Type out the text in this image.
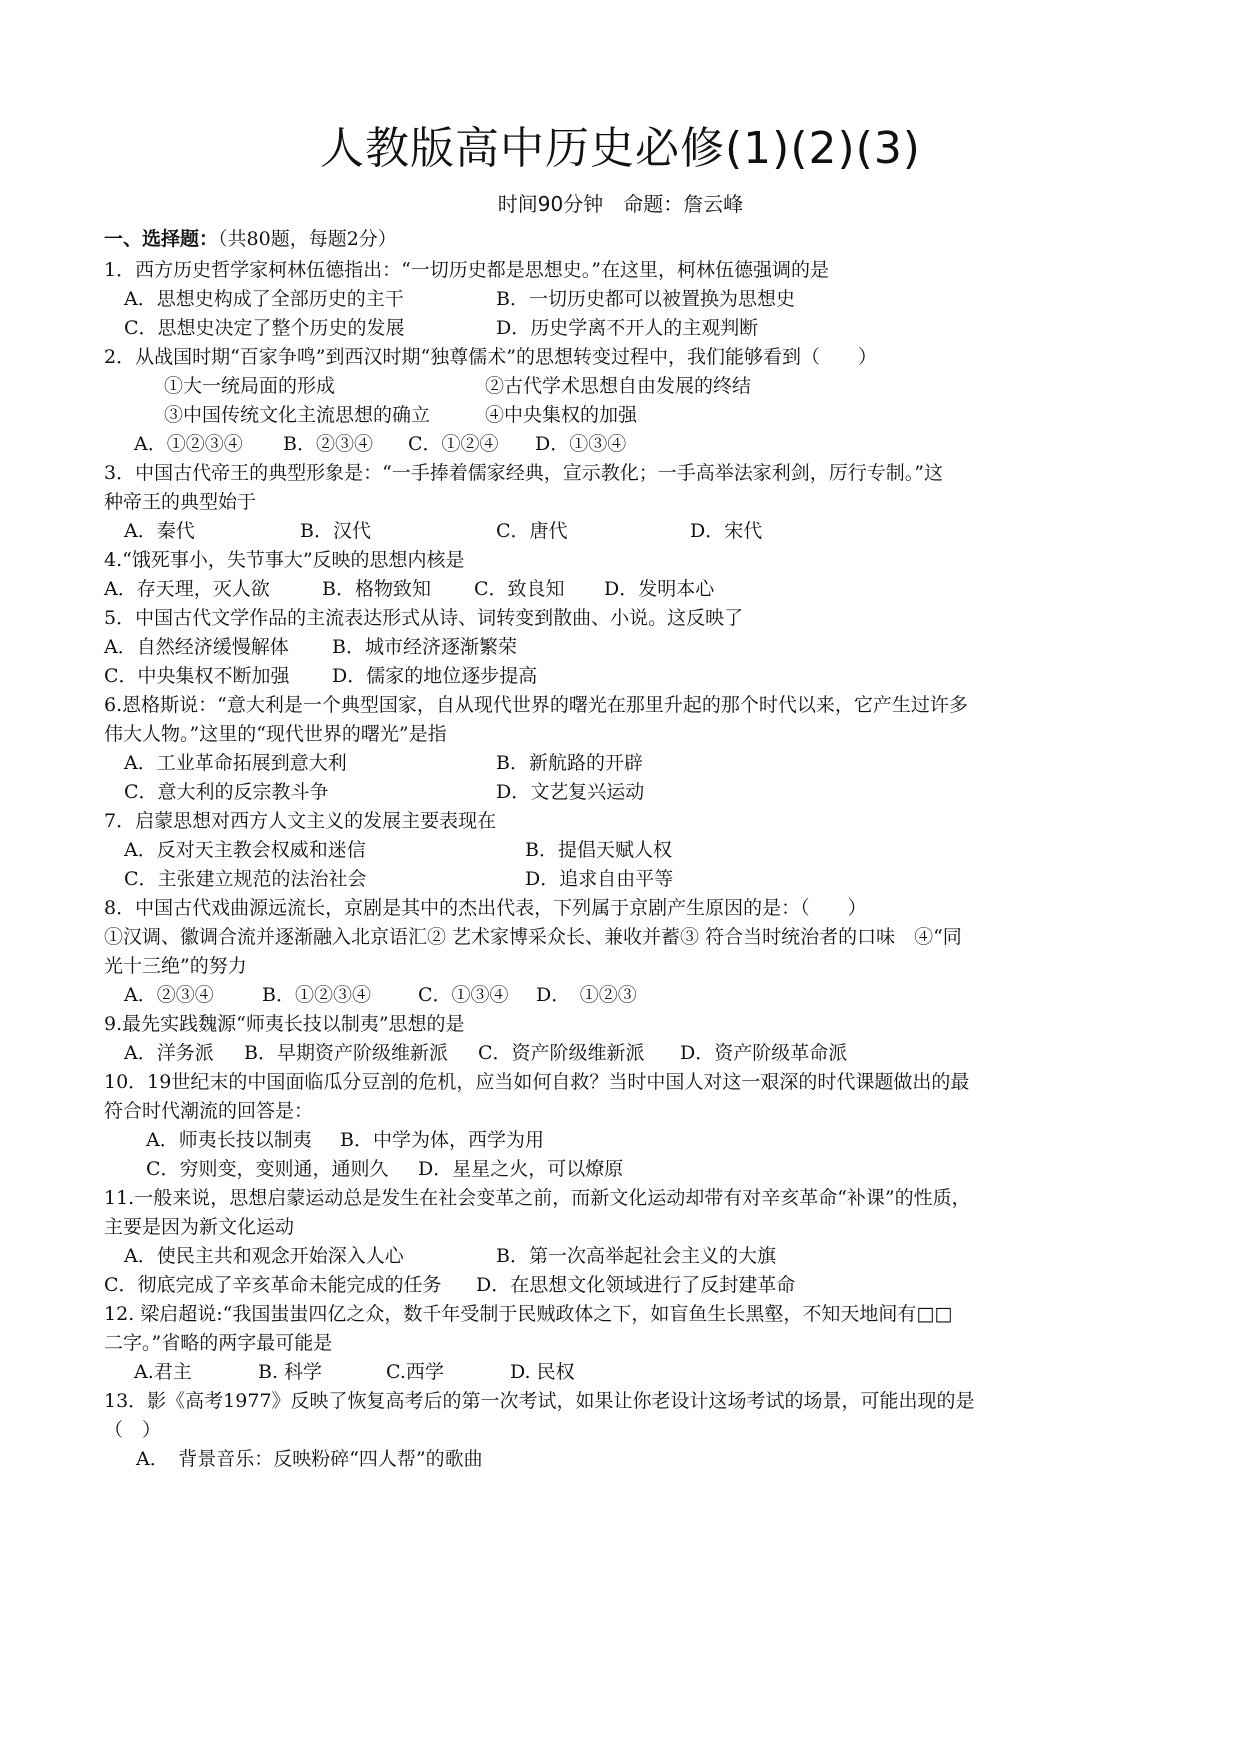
人教版高中历史必修(1)(2)(3)
时间90分钟　命题：詹云峰
一、选择题：（共80题，每题2分）
1．西方历史哲学家柯林伍德指出：“一切历史都是思想史。”在这里，柯林伍德强调的是
A．思想史构成了全部历史的主干	B．一切历史都可以被置换为思想史
C．思想史决定了整个历史的发展	D．历史学离不开人的主观判断
2．从战国时期“百家争鸣”到西汉时期“独尊儒术”的思想转变过程中，我们能够看到（　　）
①大一统局面的形成	②古代学术思想自由发展的终结
③中国传统文化主流思想的确立	④中央集权的加强
A．①②③④ B．②③④ C．①②④ D．①③④
3．中国古代帝王的典型形象是：“一手捧着儒家经典，宣示教化；一手高举法家利剑，厉行专制。”这
种帝王的典型始于
A．秦代	B．汉代	C．唐代	D．宋代
4.“饿死事小，失节事大”反映的思想内核是
A．存天理，灭人欲	B．格物致知 C．致良知 D．发明本心
5．中国古代文学作品的主流表达形式从诗、词转变到散曲、小说。这反映了
A．自然经济缓慢解体 B．城市经济逐渐繁荣
C．中央集权不断加强 D．儒家的地位逐步提高
6.恩格斯说：“意大利是一个典型国家，自从现代世界的曙光在那里升起的那个时代以来，它产生过许多
伟大人物。”这里的“现代世界的曙光”是指
A．工业革命拓展到意大利	B．新航路的开辟
C．意大利的反宗教斗争	D．文艺复兴运动
7．启蒙思想对西方人文主义的发展主要表现在
A．反对天主教会权威和迷信	B．提倡天赋人权
C．主张建立规范的法治社会	D．追求自由平等
8．中国古代戏曲源远流长，京剧是其中的杰出代表，下列属于京剧产生原因的是：（　　）
①汉调、徽调合流并逐渐融入北京语汇② 艺术家博采众长、兼收并蓄③ 符合当时统治者的口味　④“同
光十三绝”的努力
A．②③④	B．①②③④ C．①③④ D．　①②③
9.最先实践魏源“师夷长技以制夷”思想的是
A．洋务派 B．早期资产阶级维新派 C．资产阶级维新派 D．资产阶级革命派
10．19世纪末的中国面临瓜分豆剖的危机，应当如何自救？当时中国人对这一艰深的时代课题做出的最
符合时代潮流的回答是：
A．师夷长技以制夷 B．中学为体，西学为用
C．穷则变，变则通，通则久 D．星星之火，可以燎原
11.一般来说，思想启蒙运动总是发生在社会变革之前，而新文化运动却带有对辛亥革命“补课”的性质，
主要是因为新文化运动
A．使民主共和观念开始深入人心	B．第一次高举起社会主义的大旗
C．彻底完成了辛亥革命未能完成的任务 D．在思想文化领域进行了反封建革命
12. 梁启超说:“我国蚩蚩四亿之众，数千年受制于民贼政体之下，如盲鱼生长黑壑，不知天地间有□□
二字。”省略的两字最可能是
A.君主	B. 科学	C.西学	D. 民权
13．影《高考1977》反映了恢复高考后的第一次考试，如果让你老设计这场考试的场景，可能出现的是
（　）
A．　背景音乐：反映粉碎“四人帮”的歌曲
